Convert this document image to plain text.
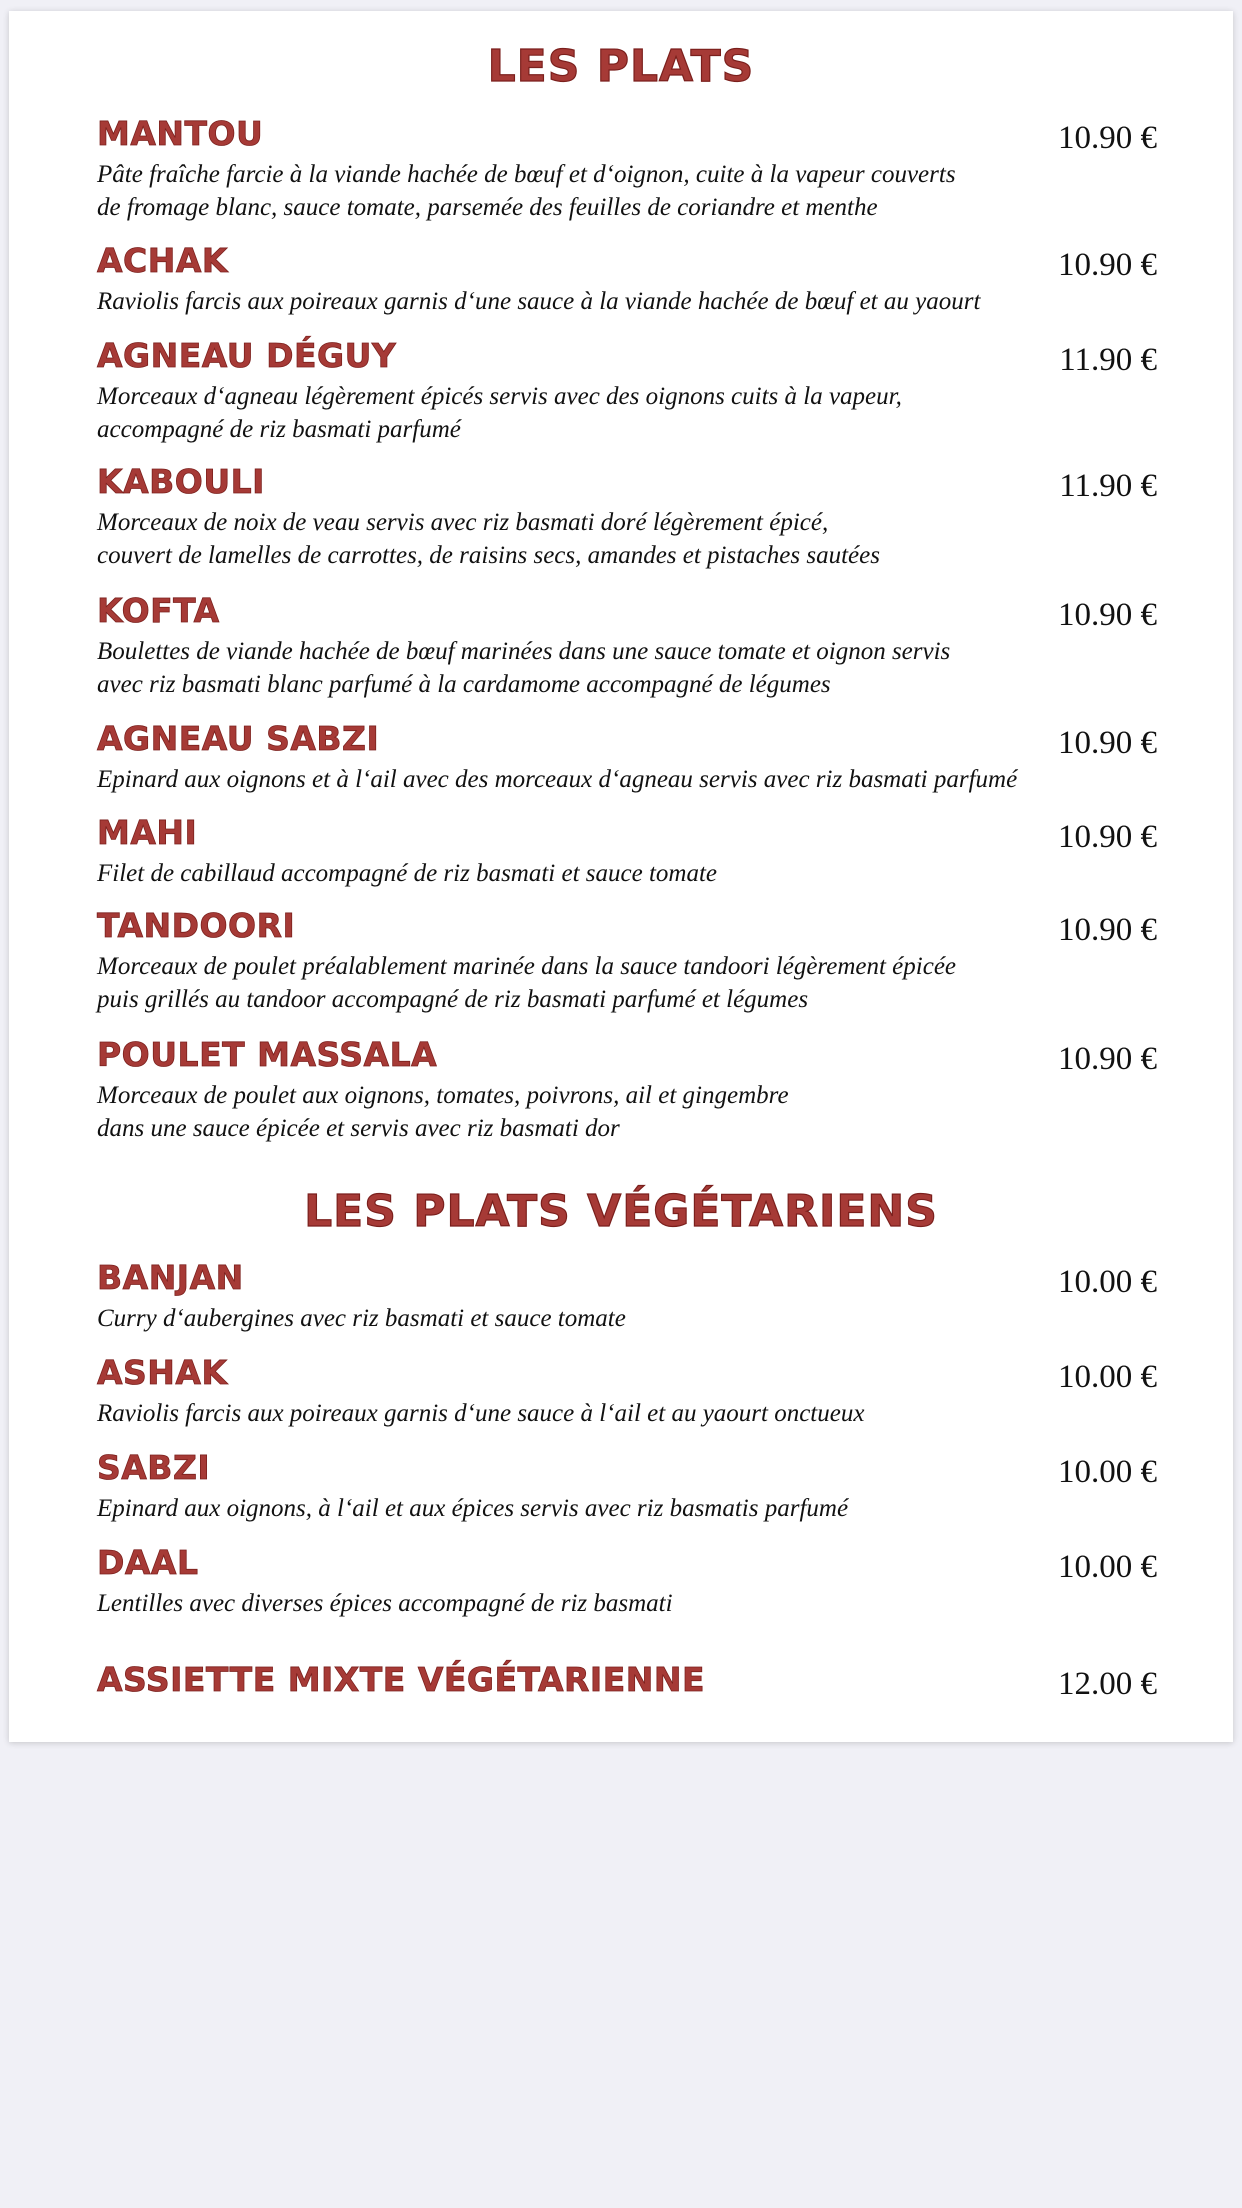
LES PLATS
MANTOU	10.90 €
Pâte fraîche farcie à la viande hachée de bœuf et d‘oignon, cuite à la vapeur couverts
de fromage blanc, sauce tomate, parsemée des feuilles de coriandre et menthe
ACHAK	10.90 €
Raviolis farcis aux poireaux garnis d‘une sauce à la viande hachée de bœuf et au yaourt
AGNEAU DÉGUY	11.90 €
Morceaux d‘agneau légèrement épicés servis avec des oignons cuits à la vapeur,
accompagné de riz basmati parfumé
KABOULI	11.90 €
Morceaux de noix de veau servis avec riz basmati doré légèrement épicé,
couvert de lamelles de carrottes, de raisins secs, amandes et pistaches sautées
KOFTA	10.90 €
Boulettes de viande hachée de bœuf marinées dans une sauce tomate et oignon servis
avec riz basmati blanc parfumé à la cardamome accompagné de légumes
AGNEAU SABZI	10.90 €
Epinard aux oignons et à l‘ail avec des morceaux d‘agneau servis avec riz basmati parfumé
MAHI	10.90 €
Filet de cabillaud accompagné de riz basmati et sauce tomate
TANDOORI	10.90 €
Morceaux de poulet préalablement marinée dans la sauce tandoori légèrement épicée
puis grillés au tandoor accompagné de riz basmati parfumé et légumes
POULET MASSALA	10.90 €
Morceaux de poulet aux oignons, tomates, poivrons, ail et gingembre
dans une sauce épicée et servis avec riz basmati dor
LES PLATS VÉGÉTARIENS
BANJAN	10.00 €
Curry d‘aubergines avec riz basmati et sauce tomate
ASHAK	10.00 €
Raviolis farcis aux poireaux garnis d‘une sauce à l‘ail et au yaourt onctueux
SABZI	10.00 €
Epinard aux oignons, à l‘ail et aux épices servis avec riz basmatis parfumé
DAAL	10.00 €
Lentilles avec diverses épices accompagné de riz basmati
ASSIETTE MIXTE VÉGÉTARIENNE	12.00 €
